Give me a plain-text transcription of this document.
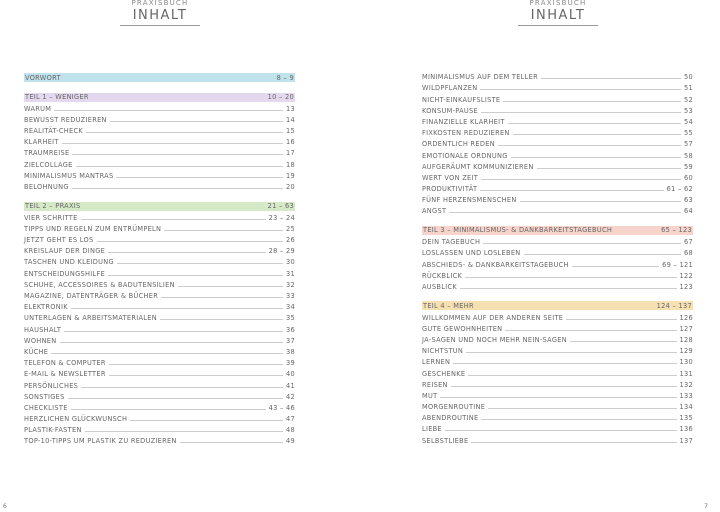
PRAXISBUCH
INHALT
VORWORT	8 – 9
TEIL 1 – WENIGER	10 – 20
WARUM	13
BEWUSST REDUZIEREN	14
REALITÄT-CHECK	15
KLARHEIT	16
TRAUMREISE	17
ZIELCOLLAGE	18
MINIMALISMUS MANTRAS	19
BELOHNUNG	20
TEIL 2 – PRAXIS	21 – 63
VIER SCHRITTE	23 – 24
TIPPS UND REGELN ZUM ENTRÜMPELN	25
JETZT GEHT ES LOS	26
KREISLAUF DER DINGE	28 – 29
TASCHEN UND KLEIDUNG	30
ENTSCHEIDUNGSHILFE	31
SCHUHE, ACCESSOIRES & BADUTENSILIEN	32
MAGAZINE, DATENTRÄGER & BÜCHER	33
ELEKTRONIK	34
UNTERLAGEN & ARBEITSMATERIALEN	35
HAUSHALT	36
WOHNEN	37
KÜCHE	38
TELEFON & COMPUTER	39
E-MAIL & NEWSLETTER	40
PERSÖNLICHES	41
SONSTIGES	42
CHECKLISTE	43 – 46
HERZLICHEN GLÜCKWUNSCH	47
PLASTIK-FASTEN	48
TOP-10-TIPPS UM PLASTIK ZU REDUZIEREN	49
6
PRAXISBUCH
INHALT
MINIMALISMUS AUF DEM TELLER	50
WILDPFLANZEN	51
NICHT-EINKAUFSLISTE	52
KONSUM-PAUSE	53
FINANZIELLE KLARHEIT	54
FIXKOSTEN REDUZIEREN	55
ORDENTLICH REDEN	57
EMOTIONALE ORDNUNG	58
AUFGERÄUMT KOMMUNIZIEREN	59
WERT VON ZEIT	60
PRODUKTIVITÄT	61 – 62
FÜNF HERZENSMENSCHEN	63
ANGST	64
TEIL 3 – MINIMALISMUS- & DANKBARKEITSTAGEBUCH	65 – 123
DEIN TAGEBUCH	67
LOSLASSEN UND LOSLEBEN	68
ABSCHIEDS- & DANKBARKEITSTAGEBUCH	69 – 121
RÜCKBLICK	122
AUSBLICK	123
TEIL 4 – MEHR	124 – 137
WILLKOMMEN AUF DER ANDEREN SEITE	126
GUTE GEWOHNHEITEN	127
JA-SAGEN UND NOCH MEHR NEIN-SAGEN	128
NICHTSTUN	129
LERNEN	130
GESCHENKE	131
REISEN	132
MUT	133
MORGENROUTINE	134
ABENDROUTINE	135
LIEBE	136
SELBSTLIEBE	137
7
